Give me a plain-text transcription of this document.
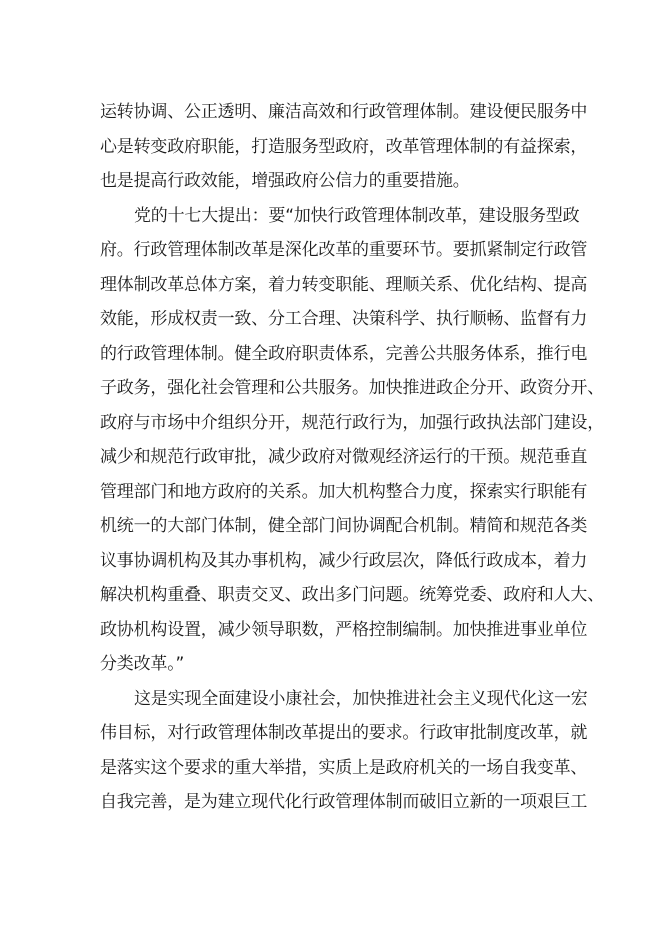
运转协调、公正透明、廉洁高效和行政管理体制。建设便民服务中
心是转变政府职能，打造服务型政府，改革管理体制的有益探索，
也是提高行政效能，增强政府公信力的重要措施。
党的十七大提出：要“加快行政管理体制改革，建设服务型政
府。行政管理体制改革是深化改革的重要环节。要抓紧制定行政管
理体制改革总体方案，着力转变职能、理顺关系、优化结构、提高
效能，形成权责一致、分工合理、决策科学、执行顺畅、监督有力
的行政管理体制。健全政府职责体系，完善公共服务体系，推行电
子政务，强化社会管理和公共服务。加快推进政企分开、政资分开、
政府与市场中介组织分开，规范行政行为，加强行政执法部门建设，
减少和规范行政审批，减少政府对微观经济运行的干预。规范垂直
管理部门和地方政府的关系。加大机构整合力度，探索实行职能有
机统一的大部门体制，健全部门间协调配合机制。精简和规范各类
议事协调机构及其办事机构，减少行政层次，降低行政成本，着力
解决机构重叠、职责交叉、政出多门问题。统筹党委、政府和人大、
政协机构设置，减少领导职数，严格控制编制。加快推进事业单位
分类改革。”
这是实现全面建设小康社会，加快推进社会主义现代化这一宏
伟目标，对行政管理体制改革提出的要求。行政审批制度改革，就
是落实这个要求的重大举措，实质上是政府机关的一场自我变革、
自我完善，是为建立现代化行政管理体制而破旧立新的一项艰巨工
